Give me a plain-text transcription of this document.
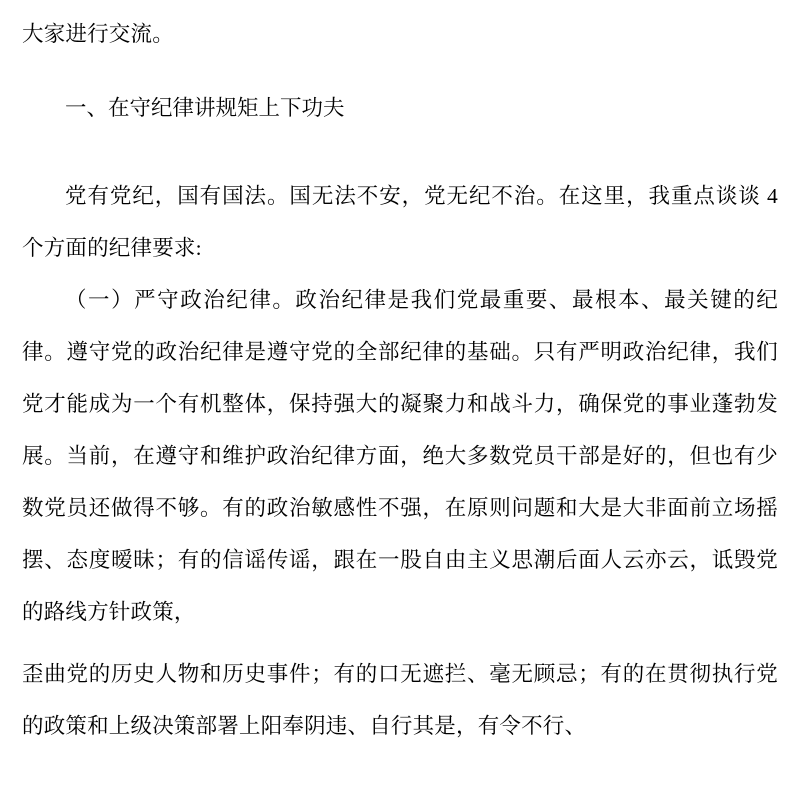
大家进行交流。

一、在守纪律讲规矩上下功夫

党有党纪，国有国法。国无法不安，党无纪不治。在这里，我重点谈谈 4 个方面的纪律要求:

（一）严守政治纪律。政治纪律是我们党最重要、最根本、最关键的纪律。遵守党的政治纪律是遵守党的全部纪律的基础。只有严明政治纪律，我们党才能成为一个有机整体，保持强大的凝聚力和战斗力，确保党的事业蓬勃发展。当前，在遵守和维护政治纪律方面，绝大多数党员干部是好的，但也有少数党员还做得不够。有的政治敏感性不强，在原则问题和大是大非面前立场摇摆、态度暧昧；有的信谣传谣，跟在一股自由主义思潮后面人云亦云，诋毁党的路线方针政策，

歪曲党的历史人物和历史事件；有的口无遮拦、毫无顾忌；有的在贯彻执行党的政策和上级决策部署上阳奉阴违、自行其是，有令不行、
